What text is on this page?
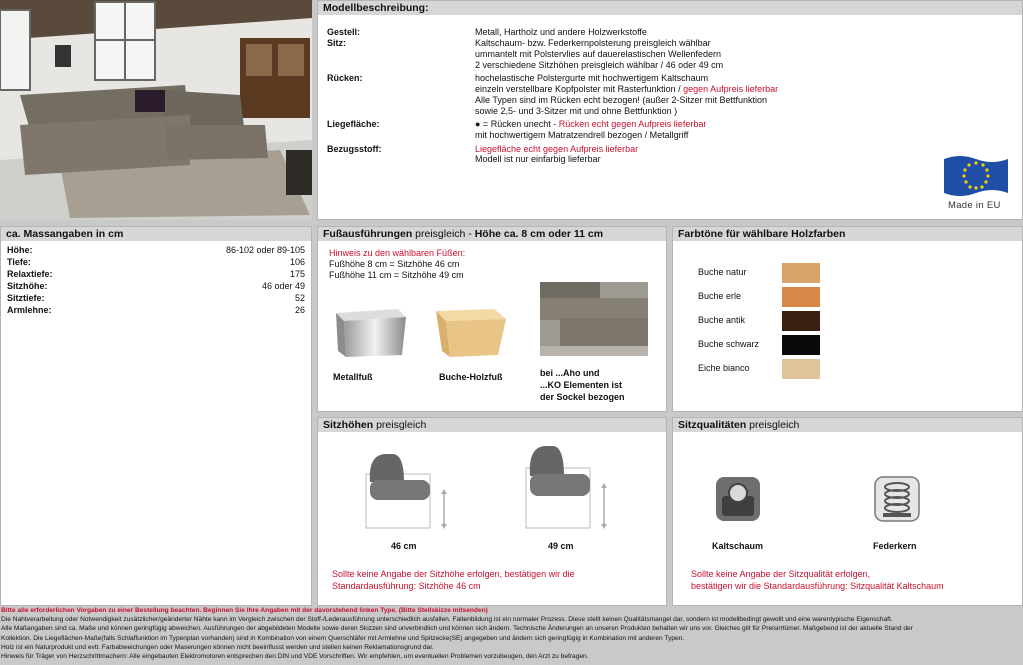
Modellbeschreibung:
Gestell:	Metall, Hartholz und andere Holzwerkstoffe
Sitz:	Kaltschaum- bzw. Federkernpolsterung preisgleich wählbar
ummantelt mit Polstervlies auf dauerelastischen Wellenfedern
2 verschiedene Sitzhöhen preisgleich wählbar / 46 oder 49 cm
Rücken:	hochelastische Polstergurte mit hochwertigem Kaltschaum
einzeln verstellbare Kopfpolster mit Rasterfunktion / gegen Aufpreis lieferbar
Alle Typen sind im Rücken echt bezogen! (außer 2-Sitzer mit Bettfunktion
sowie 2,5- und 3-Sitzer mit und ohne Bettfunktion )
Liegefläche:	● = Rücken unecht - Rücken echt gegen Aufpreis lieferbar
mit hochwertigem Matratzendrell bezogen / Metallgriff
Bezugsstoff:	Liegefläche echt gegen Aufpreis lieferbar
Modell ist nur einfarbig lieferbar
Made in EU
ca. Massangaben in cm
Höhe:	86-102 oder 89-105
Tiefe:	106
Relaxtiefe:	175
Sitzhöhe:	46 oder 49
Sitztiefe:	52
Armlehne:	26
Fußausführungen preisgleich - Höhe ca. 8 cm oder 11 cm
Hinweis zu den wählbaren Füßen:
Fußhöhe 8 cm = Sitzhöhe 46 cm
Fußhöhe 11 cm = Sitzhöhe 49 cm
Metallfuß	Buche-Holzfuß	bei ...Aho und
...KO Elementen ist
der Sockel bezogen
Farbtöne für wählbare Holzfarben
Buche natur
Buche erle
Buche antik
Buche schwarz
Eiche bianco
Sitzhöhen preisgleich
46 cm	49 cm
Sollte keine Angabe der Sitzhöhe erfolgen, bestätigen wir die
Standardausführung: Sitzhöhe 46 cm
Sitzqualitäten preisgleich
Kaltschaum	Federkern
Sollte keine Angabe der Sitzqualität erfolgen,
bestätigen wir die Standardausführung: Sitzqualität Kaltschaum
Bitte alle erforderlichen Vorgaben zu einer Bestellung beachten. Beginnen Sie Ihre Angaben mit der davorstehend linken Type. (Bitte Stellskizze mitsenden)
Die Nahtverarbeitung oder Notwendigkeit zusätzlicher/geänderter Nähte kann im Vergleich zwischen der Stoff-/Lederausführung unterschiedlich ausfallen. Faltenbildung ist ein normaler Prozess. Diese stellt keinen Qualitätsmangel dar, sondern ist modellbedingt gewollt und eine warentypische Eigenschaft.
Alle Maßangaben sind ca. Maße und können geringfügig abweichen. Ausführungen der abgebildeten Modelle sowie deren Skizzen sind unverbindlich und können sich ändern. Technische Änderungen an unseren Produkten behalten wir uns vor. Gleiches gilt für Preisirrtümer. Maßgebend ist der aktuelle Stand der
Kollektion. Die Liegeflächen-Maße(falls Schlaffunktion im Typenplan vorhanden) sind in Kombination von einem Querschläfer mit Armlehne und Spitzecke(SE) angegeben und ändern sich geringfügig in Kombination mit anderen Typen.
Holz ist ein Naturprodukt und evtl. Farbabweichungen oder Maserungen können nicht beeinflusst werden und stellen keinen Reklamationsgrund dar.
Hinweis für Träger von Herzschrittmachern: Alle eingebauten Elektromotoren entsprechen den DIN und VDE Vorschriften. Wir empfehlen, um eventuellen Problemen vorzubeugen, den Arzt zu befragen.
